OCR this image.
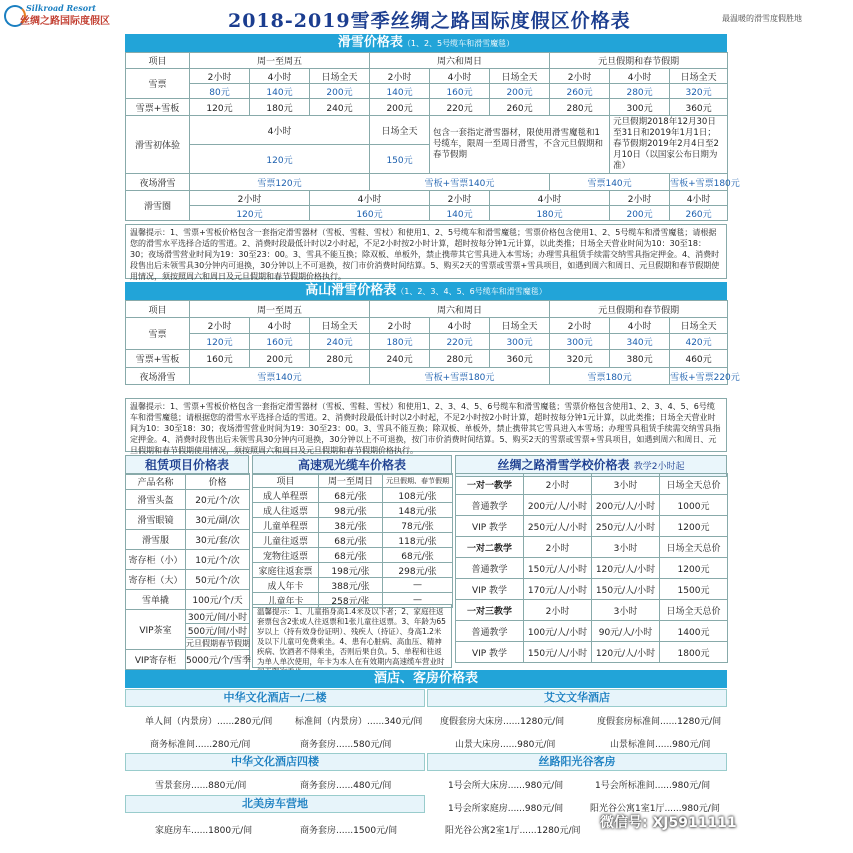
Silkroad Resort
丝绸之路国际度假区	2018-2019雪季丝绸之路国际度假区价格表	最温暖的滑雪度假胜地
滑雪价格表（1、2、5号缆车和滑雪魔毯）
项目	周一至周五			周六和周日			元旦假期和春节假期		
雪票	2小时	4小时	日场全天	2小时	4小时	日场全天	2小时	4小时	日场全天
	80元	140元	200元	140元	160元	200元	260元	280元	320元
雪票+雪板	120元	180元	240元	200元	220元	260元	280元	300元	360元
滑雪初体验	4小时			日场全天	包含一套指定滑雪器材，限使用滑雪魔毯和1号缆车，限周一至周日滑雪，不含元旦假期和春节假期			元旦假期2018年12月30日至31日和2019年1月1日；春节假期2019年2月4日至2月10日（以国家公布日期为准）	
	120元			150元					
夜场滑雪	雪票120元			雪板+雪票140元			雪票140元		雪板+雪票180元
滑雪圈	2小时		4小时		2小时	4小时		2小时	4小时
	120元		160元		140元	180元		200元	260元
温馨提示：1、雪票+雪板价格包含一套指定滑雪器材（雪板、雪鞋、雪杖）和使用1、2、5号缆车和滑雪魔毯；雪票价格包含使用1、2、5号缆车和滑雪魔毯；请根据您的滑雪水平选择合适的雪道。2、消费时段最低计时以2小时起，不足2小时按2小时计算，超时按每分钟1元计算，以此类推；日场全天营业时间为10：30至18：30；夜场滑雪营业时间为19：30至23：00。3、雪具不能互换；除双板、单板外，禁止携带其它雪具进入本雪场；办理雪具租赁手续需交纳雪具指定押金。4、消费时段售出后未领雪具30分钟内可退换，30分钟以上不可退换，按门市价消费时间结算。5、购买2天的雪票或雪票+雪具项目，如遇到周六和周日、元旦假期和春节假期使用情况，须按照周六和周日及元旦假期和春节假期价格执行。
高山滑雪价格表（1、2、3、4、5、6号缆车和滑雪魔毯）
项目	周一至周五			周六和周日			元旦假期和春节假期		
雪票	2小时	4小时	日场全天	2小时	4小时	日场全天	2小时	4小时	日场全天
	120元	160元	240元	180元	220元	300元	300元	340元	420元
雪票+雪板	160元	200元	280元	240元	280元	360元	320元	380元	460元
夜场滑雪	雪票140元			雪板+雪票180元			雪票180元		雪板+雪票220元
温馨提示：1、雪票+雪板价格包含一套指定滑雪器材（雪板、雪鞋、雪杖）和使用1、2、3、4、5、6号缆车和滑雪魔毯；雪票价格包含使用1、2、3、4、5、6号缆车和滑雪魔毯；请根据您的滑雪水平选择合适的雪道。2、消费时段最低计时以2小时起，不足2小时按2小时计算，超时按每分钟1元计算，以此类推；日场全天营业时间为10：30至18：30；夜场滑雪营业时间为19：30至23：00。3、雪具不能互换；除双板、单板外，禁止携带其它雪具进入本雪场；办理雪具租赁手续需交纳雪具指定押金。4、消费时段售出后未领雪具30分钟内可退换，30分钟以上不可退换，按门市价消费时间结算。5、购买2天的雪票或雪票+雪具项目，如遇到周六和周日、元旦假期和春节假期使用情况，须按照周六和周日及元旦假期和春节假期价格执行。
租赁项目价格表
产品名称	价格
滑雪头盔	20元/个/次
滑雪眼镜	30元/副/次
滑雪服	30元/套/次
寄存柜（小）	10元/个/次
寄存柜（大）	50元/个/次
雪单撬	100元/个/天
VIP茶室	300元/间/小时
	500元/间/小时
	元旦假期春节假期
VIP寄存柜	5000元/个/雪季
高速观光缆车价格表
项目	周一至周日	元旦假期、春节假期
成人单程票	68元/张	108元/张
成人往返票	98元/张	148元/张
儿童单程票	38元/张	78元/张
儿童往返票	68元/张	118元/张
宠物往返票	68元/张	68元/张
家庭往返套票	198元/张	298元/张
成人年卡	388元/张	—
儿童年卡	258元/张	—
温馨提示：1、儿童指身高1.4米及以下者；2、家庭往返套票包含2张成人往返票和1张儿童往返票。3、年龄为65岁以上（持有效身份证明）、残疾人（持证）、身高1.2米及以下儿童可免费乘坐。4、患有心脏病、高血压、精神疾病、饮酒者不得乘坐，否则后果自负。5、单程和往返为单人单次使用，年卡为本人在有效期内高速缆车营业时
丝绸之路滑雪学校价格表 教学2小时起
一对一教学	2小时	3小时	日场全天总价
普通教学	200元/人/小时	200元/人/小时	1000元
VIP 教学	250元/人/小时	250元/人/小时	1200元
一对二教学	2小时	3小时	日场全天总价
普通教学	150元/人/小时	120元/人/小时	1200元
VIP 教学	170元/人/小时	150元/人/小时	1500元
一对三教学	2小时	3小时	日场全天总价
普通教学	100元/人/小时	90元/人/小时	1400元
VIP 教学	150元/人/小时	120元/人/小时	1800元
酒店、客房价格表
中华文化酒店一/二楼	艾文文华酒店
单人间（内景房）......280元/间	标准间（内景房）......340元/间
商务标准间......280元/间	商务套房......580元/间
度假套房大床房......1280元/间	度假套房标准间......1280元/间
山景大床房......980元/间	山景标准间......980元/间
中华文化酒店四楼	丝路阳光谷客房
雪景套房......880元/间	商务套房......480元/间	1号会所大床房......980元/间	1号会所标准间......980元/间
北美房车营地	1号会所家庭房......980元/间	阳光谷公寓1室1厅......980元/间
家庭房车......1800元/间	商务套房......1500元/间	阳光谷公寓2室1厅......1280元/间 微信号: XJ5911111
